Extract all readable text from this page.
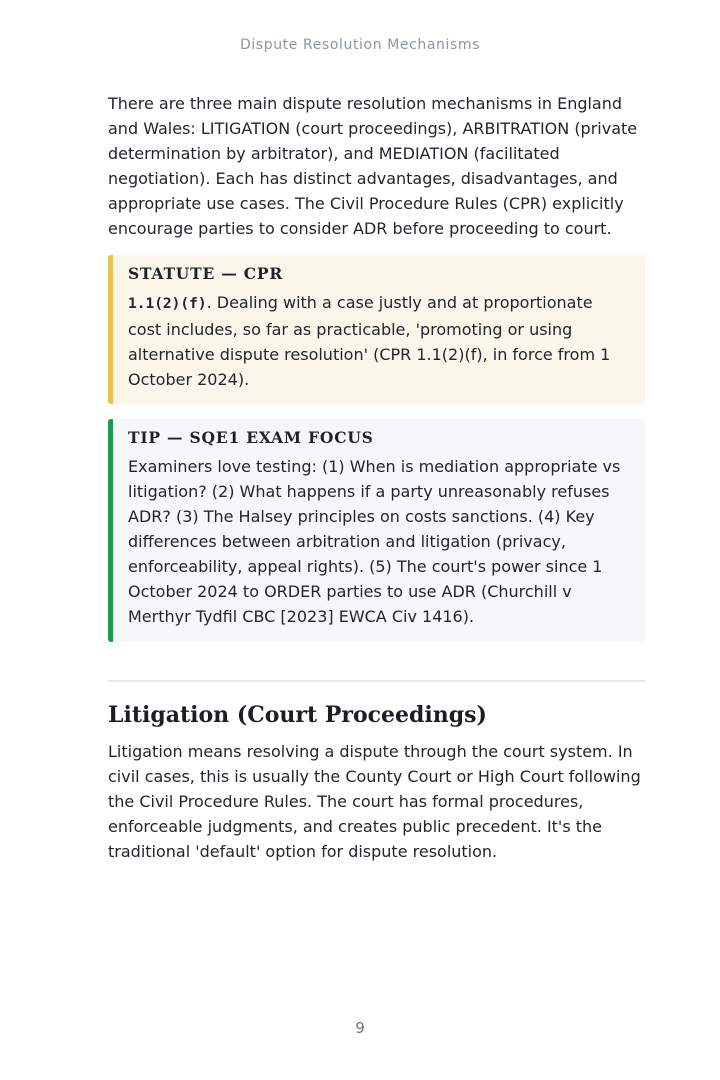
Dispute Resolution Mechanisms

There are three main dispute resolution mechanisms in England and Wales: LITIGATION (court proceedings), ARBITRATION (private determination by arbitrator), and MEDIATION (facilitated negotiation). Each has distinct advantages, disadvantages, and appropriate use cases. The Civil Procedure Rules (CPR) explicitly encourage parties to consider ADR before proceeding to court.

STATUTE — CPR
1.1(2)(f). Dealing with a case justly and at proportionate cost includes, so far as practicable, 'promoting or using alternative dispute resolution' (CPR 1.1(2)(f), in force from 1 October 2024).
TIP — SQE1 EXAM FOCUS
Examiners love testing: (1) When is mediation appropriate vs litigation? (2) What happens if a party unreasonably refuses ADR? (3) The Halsey principles on costs sanctions. (4) Key differences between arbitration and litigation (privacy, enforceability, appeal rights). (5) The court's power since 1 October 2024 to ORDER parties to use ADR (Churchill v Merthyr Tydfil CBC [2023] EWCA Civ 1416).
Litigation (Court Proceedings)

Litigation means resolving a dispute through the court system. In civil cases, this is usually the County Court or High Court following the Civil Procedure Rules. The court has formal procedures, enforceable judgments, and creates public precedent. It's the traditional 'default' option for dispute resolution.

9
